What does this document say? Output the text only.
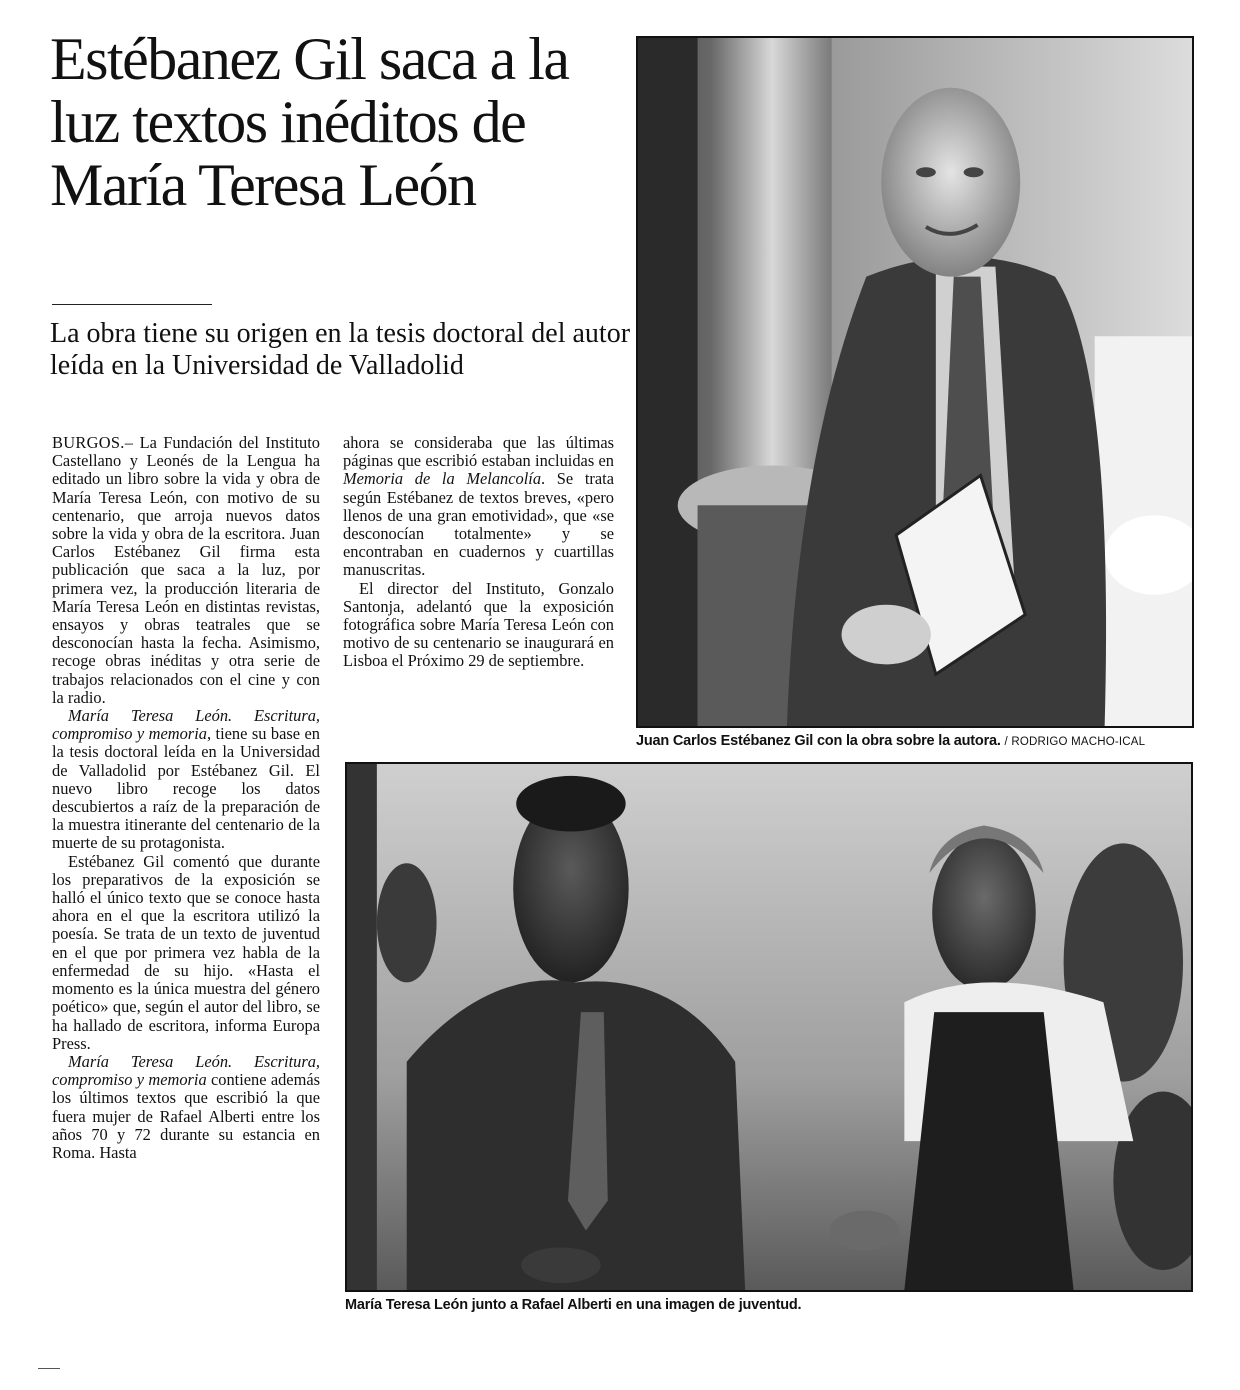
Estébanez Gil saca a la luz textos inéditos de María Teresa León
La obra tiene su origen en la tesis doctoral del autor leída en la Universidad de Valladolid

BURGOS.– La Fundación del Instituto Castellano y Leonés de la Lengua ha editado un libro sobre la vida y obra de María Teresa León, con motivo de su centenario, que arroja nuevos datos sobre la vida y obra de la escritora. Juan Carlos Estébanez Gil firma esta publicación que saca a la luz, por primera vez, la producción literaria de María Teresa León en distintas revistas, ensayos y obras teatrales que se desconocían hasta la fecha. Asimismo, recoge obras inéditas y otra serie de trabajos relacionados con el cine y con la radio.

María Teresa León. Escritura, compromiso y memoria, tiene su base en la tesis doctoral leída en la Universidad de Valladolid por Estébanez Gil. El nuevo libro recoge los datos descubiertos a raíz de la preparación de la muestra itinerante del centenario de la muerte de su protagonista.

Estébanez Gil comentó que durante los preparativos de la exposición se halló el único texto que se conoce hasta ahora en el que la escritora utilizó la poesía. Se trata de un texto de juventud en el que por primera vez habla de la enfermedad de su hijo. «Hasta el momento es la única muestra del género poético» que, según el autor del libro, se ha hallado de escritora, informa Europa Press.

María Teresa León. Escritura, compromiso y memoria contiene además los últimos textos que escribió la que fuera mujer de Rafael Alberti entre los años 70 y 72 durante su estancia en Roma. Hasta

ahora se consideraba que las últimas páginas que escribió estaban incluidas en Memoria de la Melancolía. Se trata según Estébanez de textos breves, «pero llenos de una gran emotividad», que «se desconocían totalmente» y se encontraban en cuadernos y cuartillas manuscritas.

El director del Instituto, Gonzalo Santonja, adelantó que la exposición fotográfica sobre María Teresa León con motivo de su centenario se inaugurará en Lisboa el Próximo 29 de septiembre.

Juan Carlos Estébanez Gil con la obra sobre la autora. / RODRIGO MACHO-ICAL
María Teresa León junto a Rafael Alberti en una imagen de juventud.
